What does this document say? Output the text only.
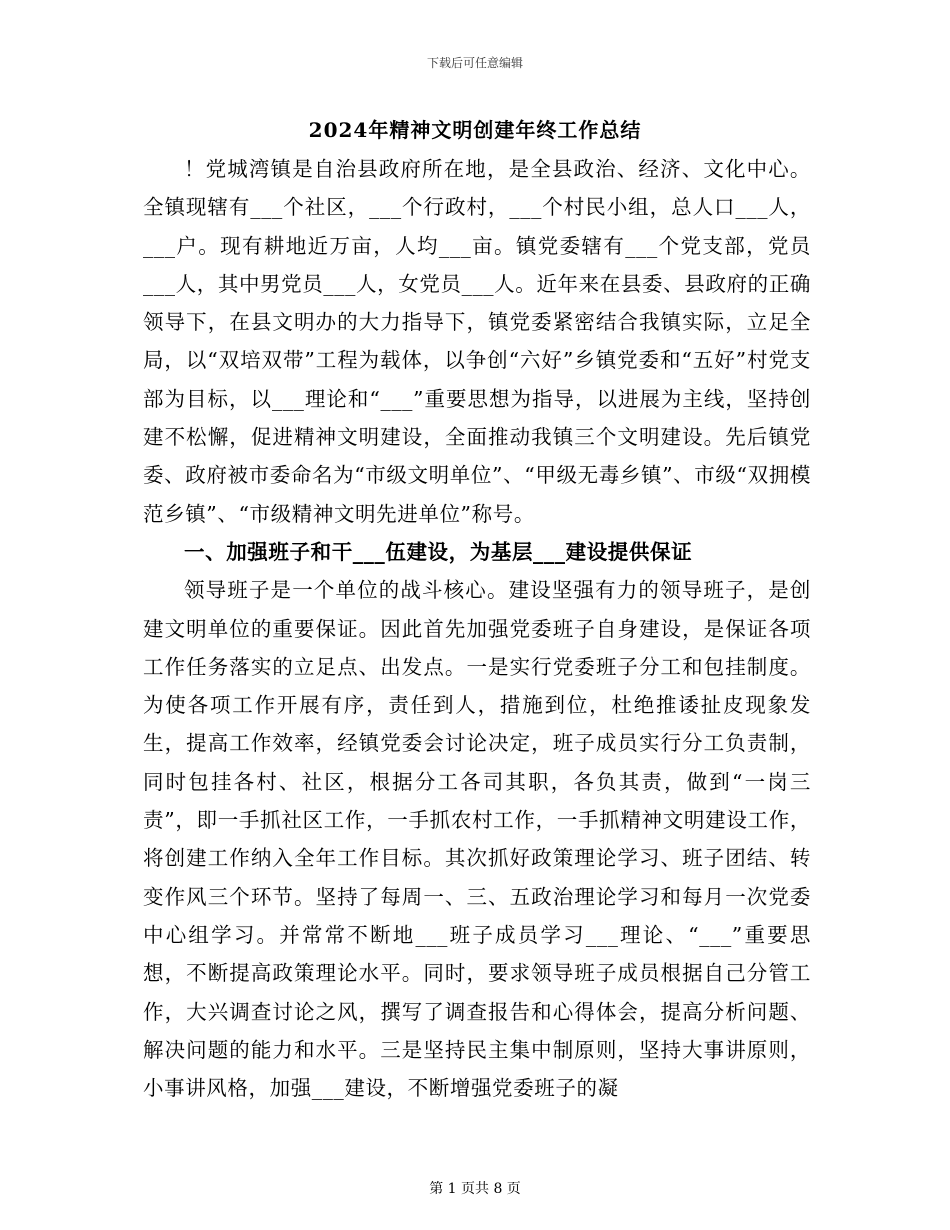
下载后可任意编辑
2024年精神文明创建年终工作总结

！党城湾镇是自治县政府所在地，是全县政治、经济、文化中心。全镇现辖有___个社区，___个行政村，___个村民小组，总人口___人，___户。现有耕地近万亩，人均___亩。镇党委辖有___个党支部，党员___人，其中男党员___人，女党员___人。近年来在县委、县政府的正确领导下，在县文明办的大力指导下，镇党委紧密结合我镇实际，立足全局，以“双培双带”工程为载体，以争创“六好”乡镇党委和“五好”村党支部为目标，以___理论和“___”重要思想为指导，以进展为主线，坚持创建不松懈，促进精神文明建设，全面推动我镇三个文明建设。先后镇党委、政府被市委命名为“市级文明单位”、“甲级无毒乡镇”、市级“双拥模范乡镇”、“市级精神文明先进单位”称号。

一、加强班子和干___伍建设，为基层___建设提供保证

领导班子是一个单位的战斗核心。建设坚强有力的领导班子，是创建文明单位的重要保证。因此首先加强党委班子自身建设，是保证各项工作任务落实的立足点、出发点。一是实行党委班子分工和包挂制度。为使各项工作开展有序，责任到人，措施到位，杜绝推诿扯皮现象发生，提高工作效率，经镇党委会讨论决定，班子成员实行分工负责制，同时包挂各村、社区，根据分工各司其职，各负其责，做到“一岗三责”，即一手抓社区工作，一手抓农村工作，一手抓精神文明建设工作，将创建工作纳入全年工作目标。其次抓好政策理论学习、班子团结、转变作风三个环节。坚持了每周一、三、五政治理论学习和每月一次党委中心组学习。并常常不断地___班子成员学习___理论、“___”重要思想，不断提高政策理论水平。同时，要求领导班子成员根据自己分管工作，大兴调查讨论之风，撰写了调查报告和心得体会，提高分析问题、解决问题的能力和水平。三是坚持民主集中制原则，坚持大事讲原则，小事讲风格，加强___建设，不断增强党委班子的凝

第 1 页共 8 页
